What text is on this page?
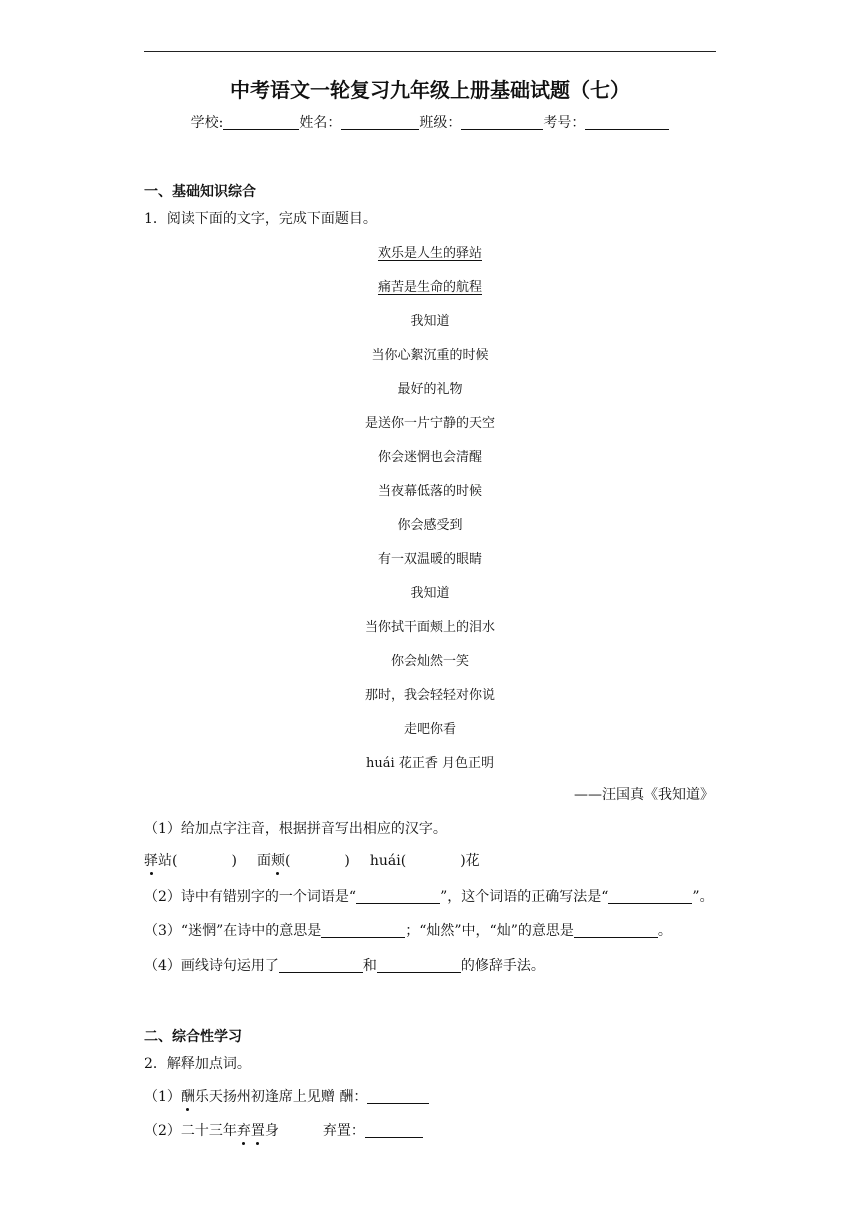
中考语文一轮复习九年级上册基础试题（七）
学校:	姓名：	班级：	考号：
一、基础知识综合
1．阅读下面的文字，完成下面题目。
欢乐是人生的驿站
痛苦是生命的航程
我知道
当你心絮沉重的时候
最好的礼物
是送你一片宁静的天空
你会迷惘也会清醒
当夜幕低落的时候
你会感受到
有一双温暖的眼睛
我知道
当你拭干面颊上的泪水
你会灿然一笑
那时，我会轻轻对你说
走吧你看
huái 花正香 月色正明
——汪国真《我知道》
（1）给加点字注音，根据拼音写出相应的汉字。
驿站(	) 面颊(	) huái(	)花
（2）诗中有错别字的一个词语是“	”，这个词语的正确写法是“	”。
（3）“迷惘”在诗中的意思是	；“灿然”中，“灿”的意思是	。
（4）画线诗句运用了	和	的修辞手法。
二、综合性学习
2．解释加点词。
（1）酬乐天扬州初逢席上见赠 酬：
（2）二十三年弃置身	弃置：
